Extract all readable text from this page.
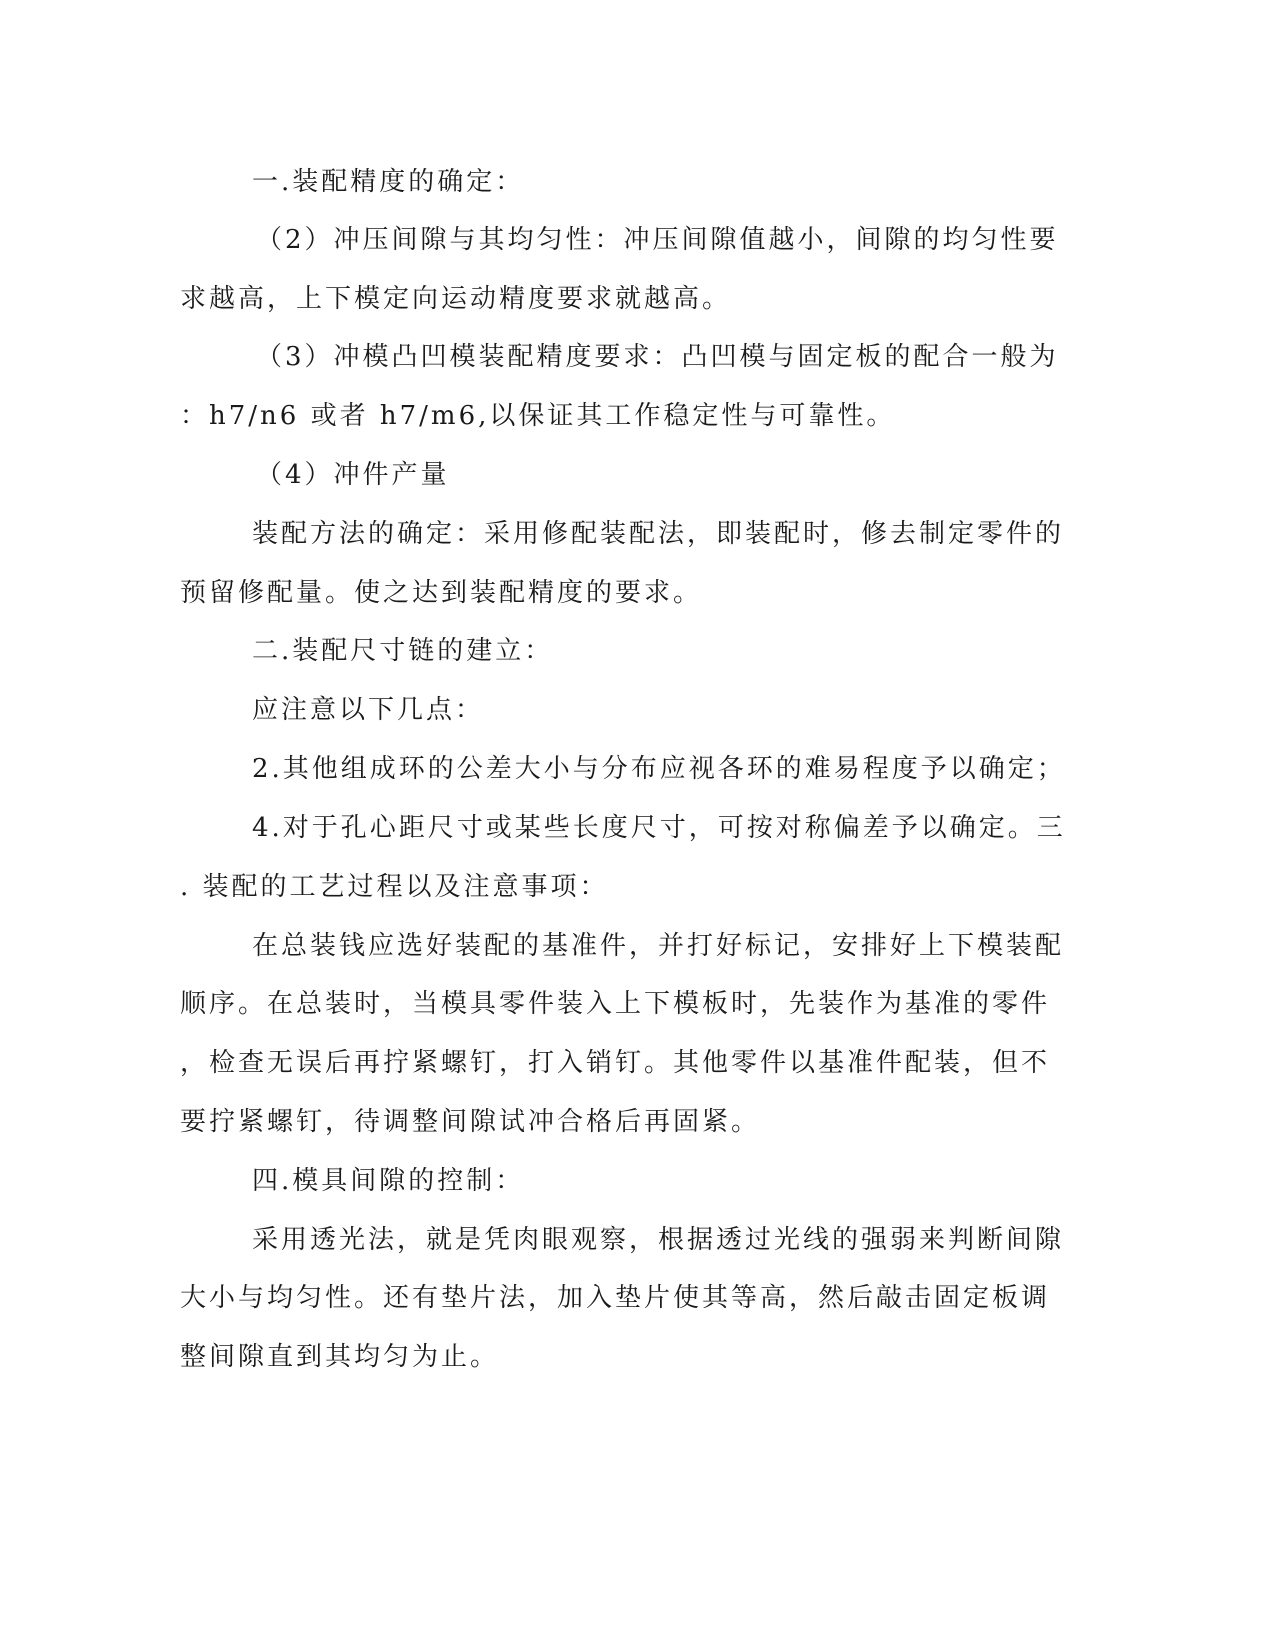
一.装配精度的确定：
（2）冲压间隙与其均匀性：冲压间隙值越小，间隙的均匀性要
求越高，上下模定向运动精度要求就越高。
（3）冲模凸凹模装配精度要求：凸凹模与固定板的配合一般为
：h7/n6 或者 h7/m6,以保证其工作稳定性与可靠性。
（4）冲件产量
装配方法的确定：采用修配装配法，即装配时，修去制定零件的
预留修配量。使之达到装配精度的要求。
二.装配尺寸链的建立：
应注意以下几点：
2.其他组成环的公差大小与分布应视各环的难易程度予以确定；
4.对于孔心距尺寸或某些长度尺寸，可按对称偏差予以确定。三
. 装配的工艺过程以及注意事项：
在总装钱应选好装配的基准件，并打好标记，安排好上下模装配
顺序。在总装时，当模具零件装入上下模板时，先装作为基准的零件
，检查无误后再拧紧螺钉，打入销钉。其他零件以基准件配装，但不
要拧紧螺钉，待调整间隙试冲合格后再固紧。
四.模具间隙的控制：
采用透光法，就是凭肉眼观察，根据透过光线的强弱来判断间隙
大小与均匀性。还有垫片法，加入垫片使其等高，然后敲击固定板调
整间隙直到其均匀为止。
